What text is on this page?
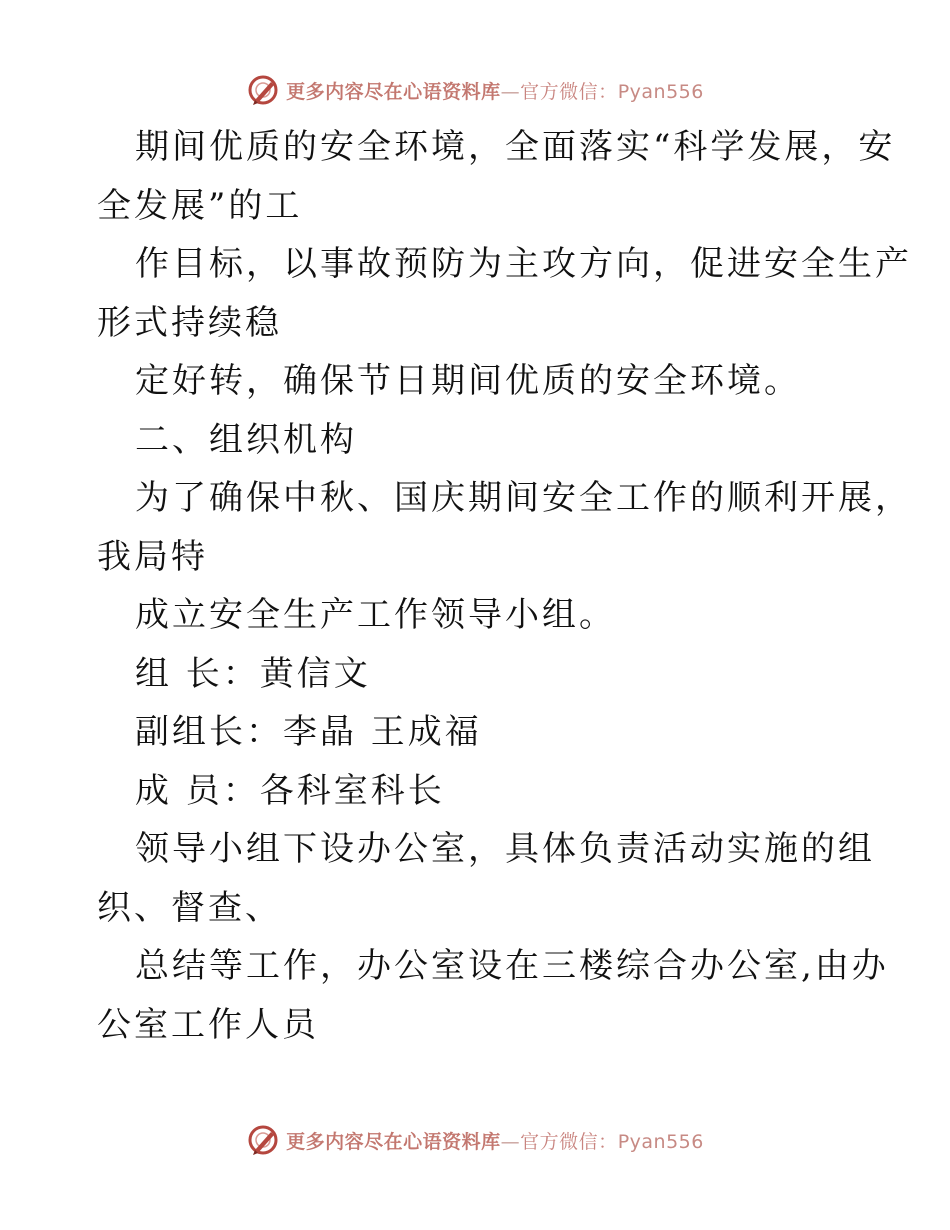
更多内容尽在心语资料库—官方微信：Pyan556
期间优质的安全环境，全面落实“科学发展，安
全发展”的工
作目标，以事故预防为主攻方向，促进安全生产
形式持续稳
定好转，确保节日期间优质的安全环境。
二、组织机构
为了确保中秋、国庆期间安全工作的顺利开展，
我局特
成立安全生产工作领导小组。
组 长：黄信文
副组长：李晶 王成福
成 员：各科室科长
领导小组下设办公室，具体负责活动实施的组
织、督查、
总结等工作，办公室设在三楼综合办公室,由办
公室工作人员
更多内容尽在心语资料库—官方微信：Pyan556
